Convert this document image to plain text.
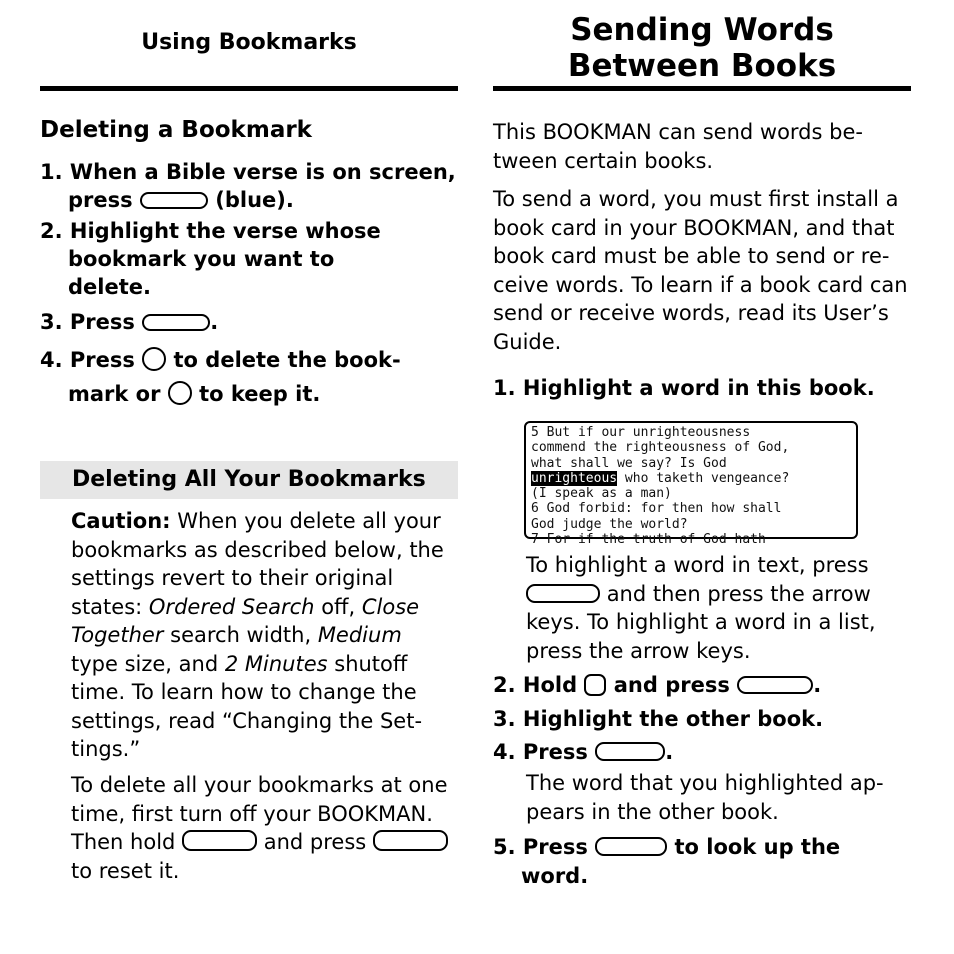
Using Bookmarks
Deleting a Bookmark
1. When a Bible verse is on screen,
press	(blue).
2. Highlight the verse whose
bookmark you want to
delete.
3. Press	.
4. Press to delete the book-
mark or to keep it.
Deleting All Your Bookmarks
Caution: When you delete all your
bookmarks as described below, the
settings revert to their original
states: Ordered Search off, Close
Together search width, Medium
type size, and 2 Minutes shutoff
time. To learn how to change the
settings, read “Changing the Set-
tings.”
To delete all your bookmarks at one
time, first turn off your BOOKMAN.
Then hold	and press
to reset it.
Sending Words
Between Books
This BOOKMAN can send words be-
tween certain books.
To send a word, you must first install a
book card in your BOOKMAN, and that
book card must be able to send or re-
ceive words. To learn if a book card can
send or receive words, read its User’s
Guide.
1. Highlight a word in this book.
5 But if our unrighteousness
commend the righteousness of God,
what shall we say? Is God
unrighteous who taketh vengeance?
(I speak as a man)
6 God forbid: for then how shall
God judge the world?
7 For if the truth of God hath
To highlight a word in text, press
and then press the arrow
keys. To highlight a word in a list,
press the arrow keys.
2. Hold and press	.
3. Highlight the other book.
4. Press	.
The word that you highlighted ap-
pears in the other book.
5. Press	to look up the
word.
